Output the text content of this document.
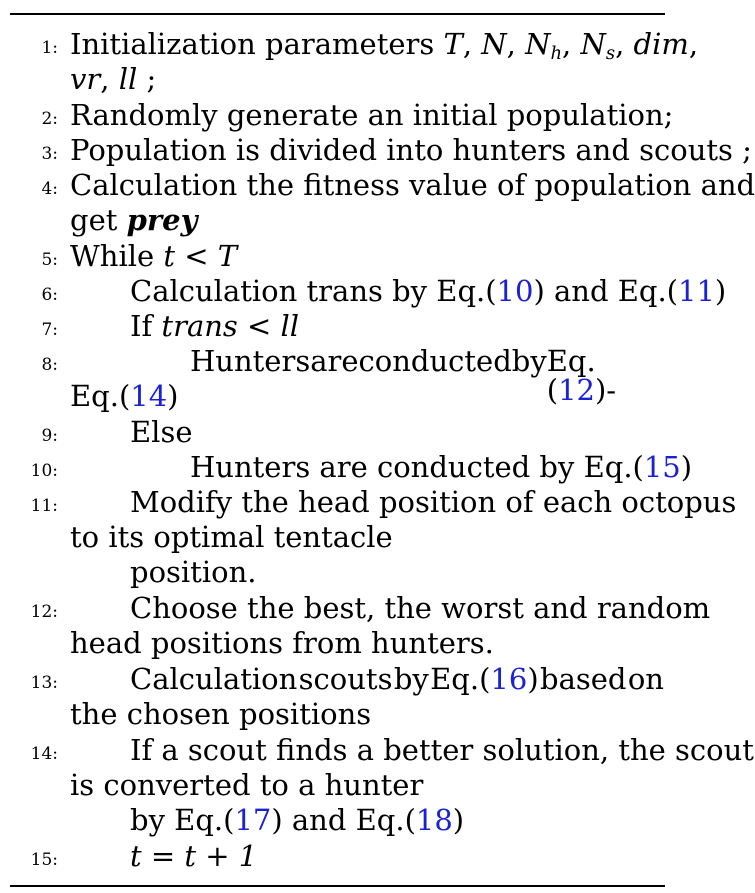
1: Initialization parameters T, N, $N_h$, $N_s$, dim,
vr, ll ;
2: Randomly generate an initial population;
3: Population is divided into hunters and scouts ;
4: Calculation the fitness value of population and
get prey
5: While t < T
6: Calculation trans by Eq.(10) and Eq.(11)
7: If trans < ll
8:	Hunters are conducted by Eq.(12)-
Eq.(14)
9: Else
10:	Hunters are conducted by Eq.(15)
11: Modify the head position of each octopus
to its optimal tentacle
position.
12: Choose the best, the worst and random
head positions from hunters.
13: Calculation scouts by Eq.(16) based on
the chosen positions
14: If a scout finds a better solution, the scout
is converted to a hunter
by Eq.(17) and Eq.(18)
15: t = t + 1
